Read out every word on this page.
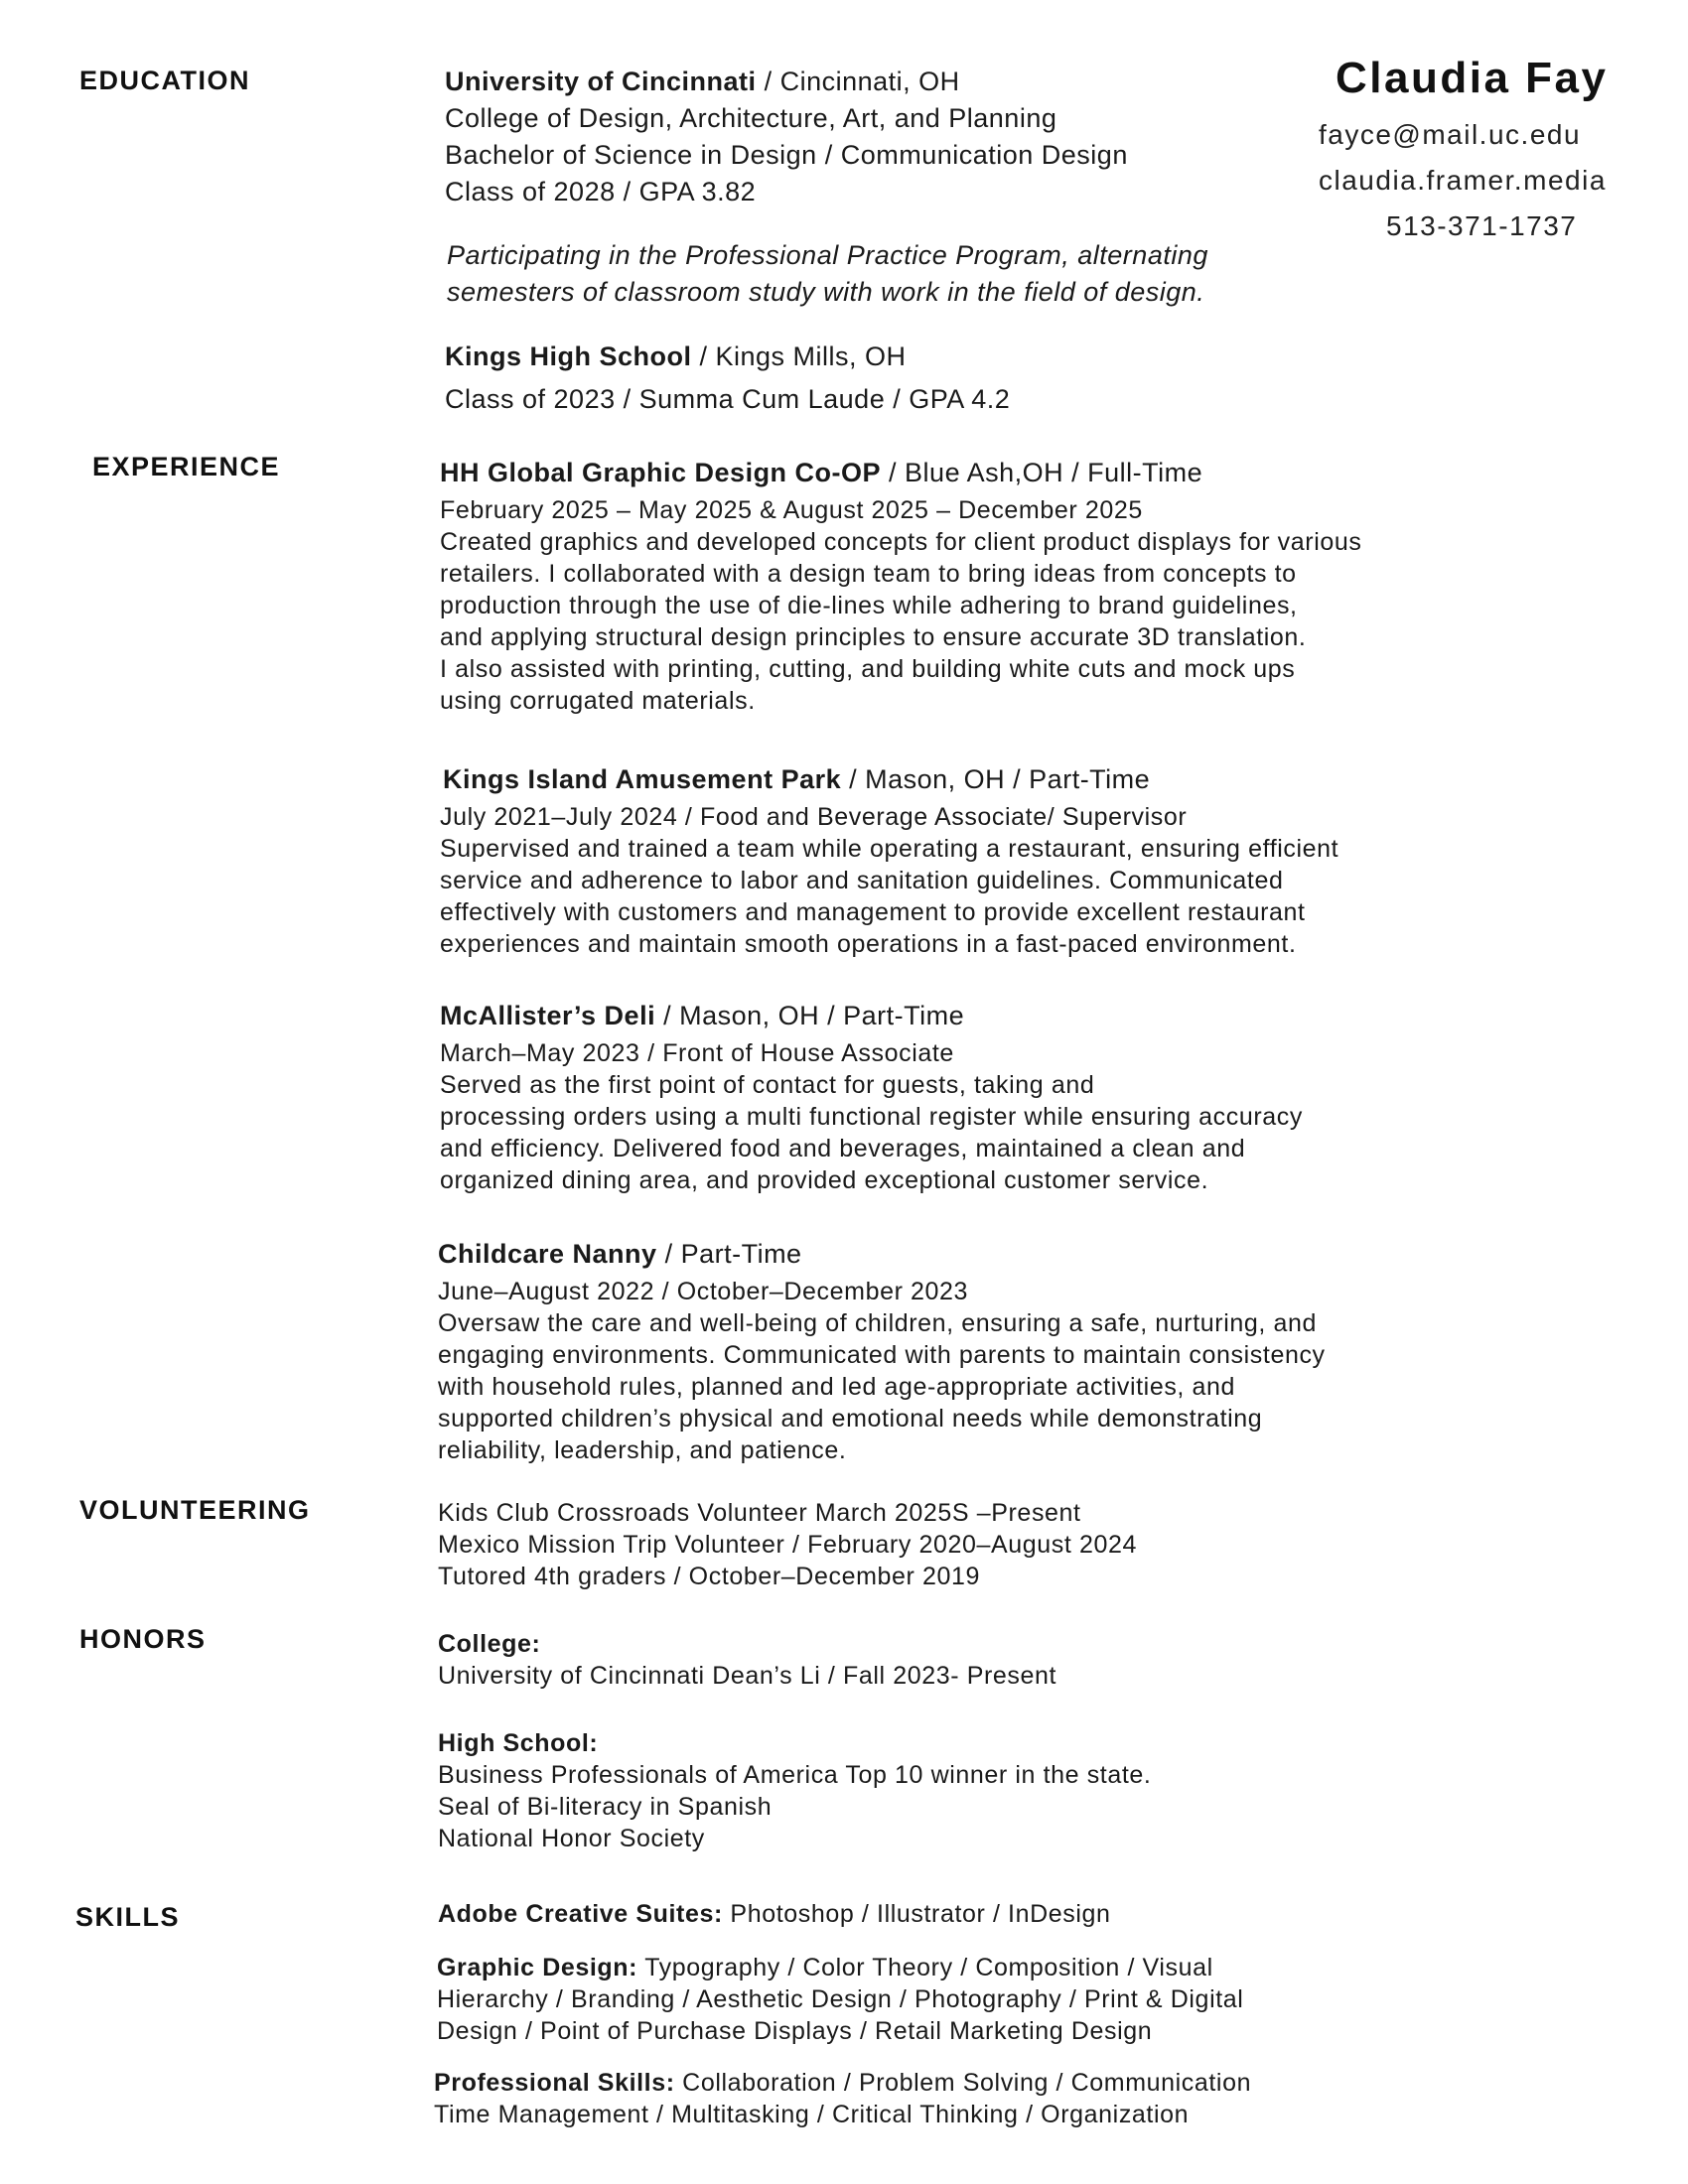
Claudia Fay
fayce@mail.uc.edu
claudia.framer.media
513-371-1737
EDUCATION
EXPERIENCE
VOLUNTEERING
HONORS
SKILLS
University of Cincinnati / Cincinnati, OH
College of Design, Architecture, Art, and Planning
Bachelor of Science in Design / Communication Design
Class of 2028 / GPA 3.82
Participating in the Professional Practice Program, alternating
semesters of classroom study with work in the field of design.
Kings High School / Kings Mills, OH
Class of 2023 / Summa Cum Laude / GPA 4.2
HH Global Graphic Design Co-OP / Blue Ash,OH / Full-Time
February 2025 – May 2025 & August 2025 – December 2025
Created graphics and developed concepts for client product displays for various
retailers. I collaborated with a design team to bring ideas from concepts to
production through the use of die-lines while adhering to brand guidelines,
and applying structural design principles to ensure accurate 3D translation.
I also assisted with printing, cutting, and building white cuts and mock ups
using corrugated materials.
Kings Island Amusement Park / Mason, OH / Part-Time
July 2021–July 2024 / Food and Beverage Associate/ Supervisor
Supervised and trained a team while operating a restaurant, ensuring efficient
service and adherence to labor and sanitation guidelines. Communicated
effectively with customers and management to provide excellent restaurant
experiences and maintain smooth operations in a fast-paced environment.
McAllister’s Deli / Mason, OH / Part-Time
March–May 2023 / Front of House Associate
Served as the first point of contact for guests, taking and
processing orders using a multi functional register while ensuring accuracy
and efficiency. Delivered food and beverages, maintained a clean and
organized dining area, and provided exceptional customer service.
Childcare Nanny / Part-Time
June–August 2022 / October–December 2023
Oversaw the care and well-being of children, ensuring a safe, nurturing, and
engaging environments. Communicated with parents to maintain consistency
with household rules, planned and led age-appropriate activities, and
supported children’s physical and emotional needs while demonstrating
reliability, leadership, and patience.
Kids Club Crossroads Volunteer March 2025S –Present
Mexico Mission Trip Volunteer / February 2020–August 2024
Tutored 4th graders / October–December 2019
College:
University of Cincinnati Dean’s Li / Fall 2023- Present
High School:
Business Professionals of America Top 10 winner in the state.
Seal of Bi-literacy in Spanish
National Honor Society
Adobe Creative Suites: Photoshop / Illustrator / InDesign
Graphic Design: Typography / Color Theory / Composition / Visual
Hierarchy / Branding / Aesthetic Design / Photography / Print & Digital
Design / Point of Purchase Displays / Retail Marketing Design
Professional Skills: Collaboration / Problem Solving / Communication
Time Management / Multitasking / Critical Thinking / Organization
